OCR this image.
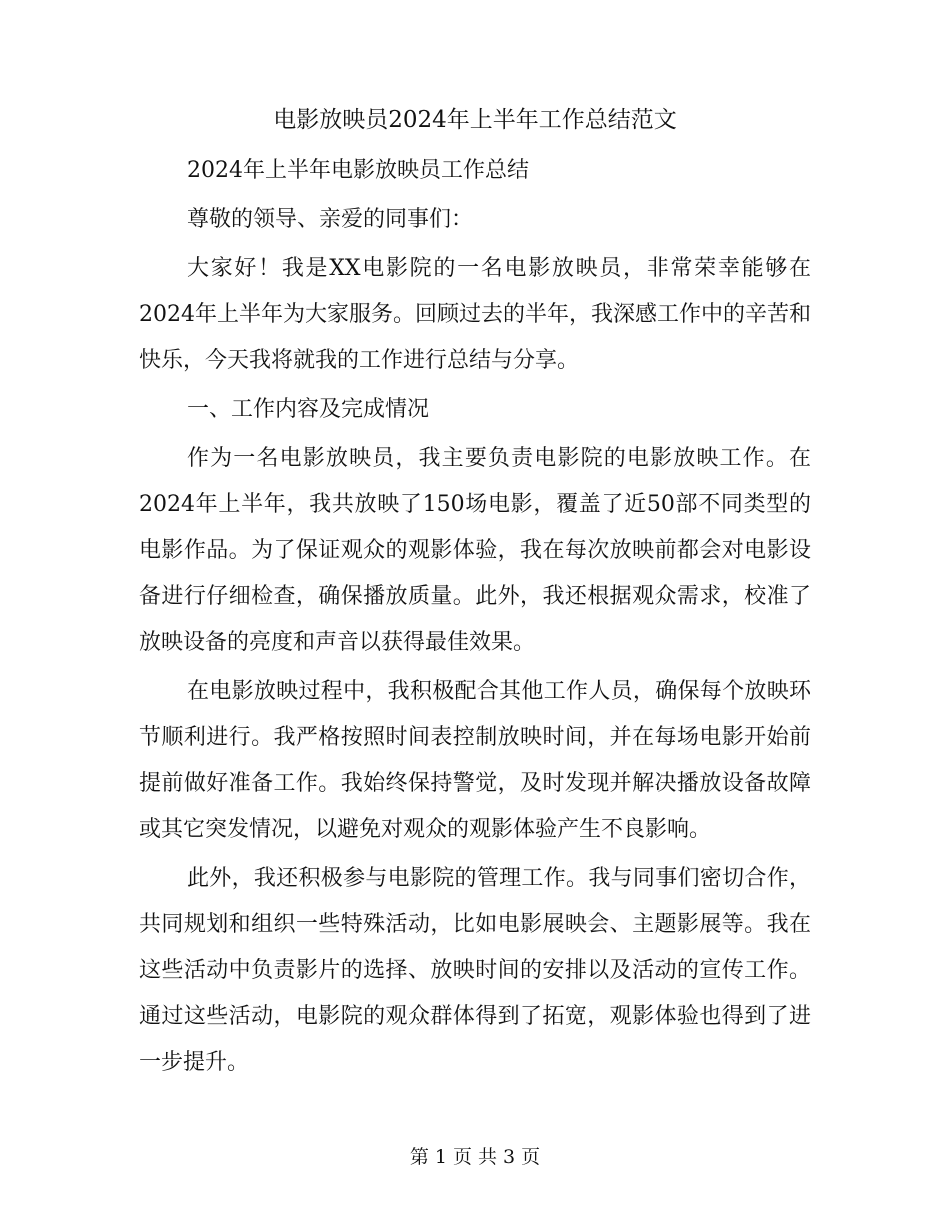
电影放映员2024年上半年工作总结范文

2024年上半年电影放映员工作总结

尊敬的领导、亲爱的同事们：

大家好！我是XX电影院的一名电影放映员，非常荣幸能够在2024年上半年为大家服务。回顾过去的半年，我深感工作中的辛苦和快乐，今天我将就我的工作进行总结与分享。

一、工作内容及完成情况

作为一名电影放映员，我主要负责电影院的电影放映工作。在2024年上半年，我共放映了150场电影，覆盖了近50部不同类型的电影作品。为了保证观众的观影体验，我在每次放映前都会对电影设备进行仔细检查，确保播放质量。此外，我还根据观众需求，校准了放映设备的亮度和声音以获得最佳效果。

在电影放映过程中，我积极配合其他工作人员，确保每个放映环节顺利进行。我严格按照时间表控制放映时间，并在每场电影开始前提前做好准备工作。我始终保持警觉，及时发现并解决播放设备故障或其它突发情况，以避免对观众的观影体验产生不良影响。

此外，我还积极参与电影院的管理工作。我与同事们密切合作，共同规划和组织一些特殊活动，比如电影展映会、主题影展等。我在这些活动中负责影片的选择、放映时间的安排以及活动的宣传工作。通过这些活动，电影院的观众群体得到了拓宽，观影体验也得到了进一步提升。

第 1 页 共 3 页
